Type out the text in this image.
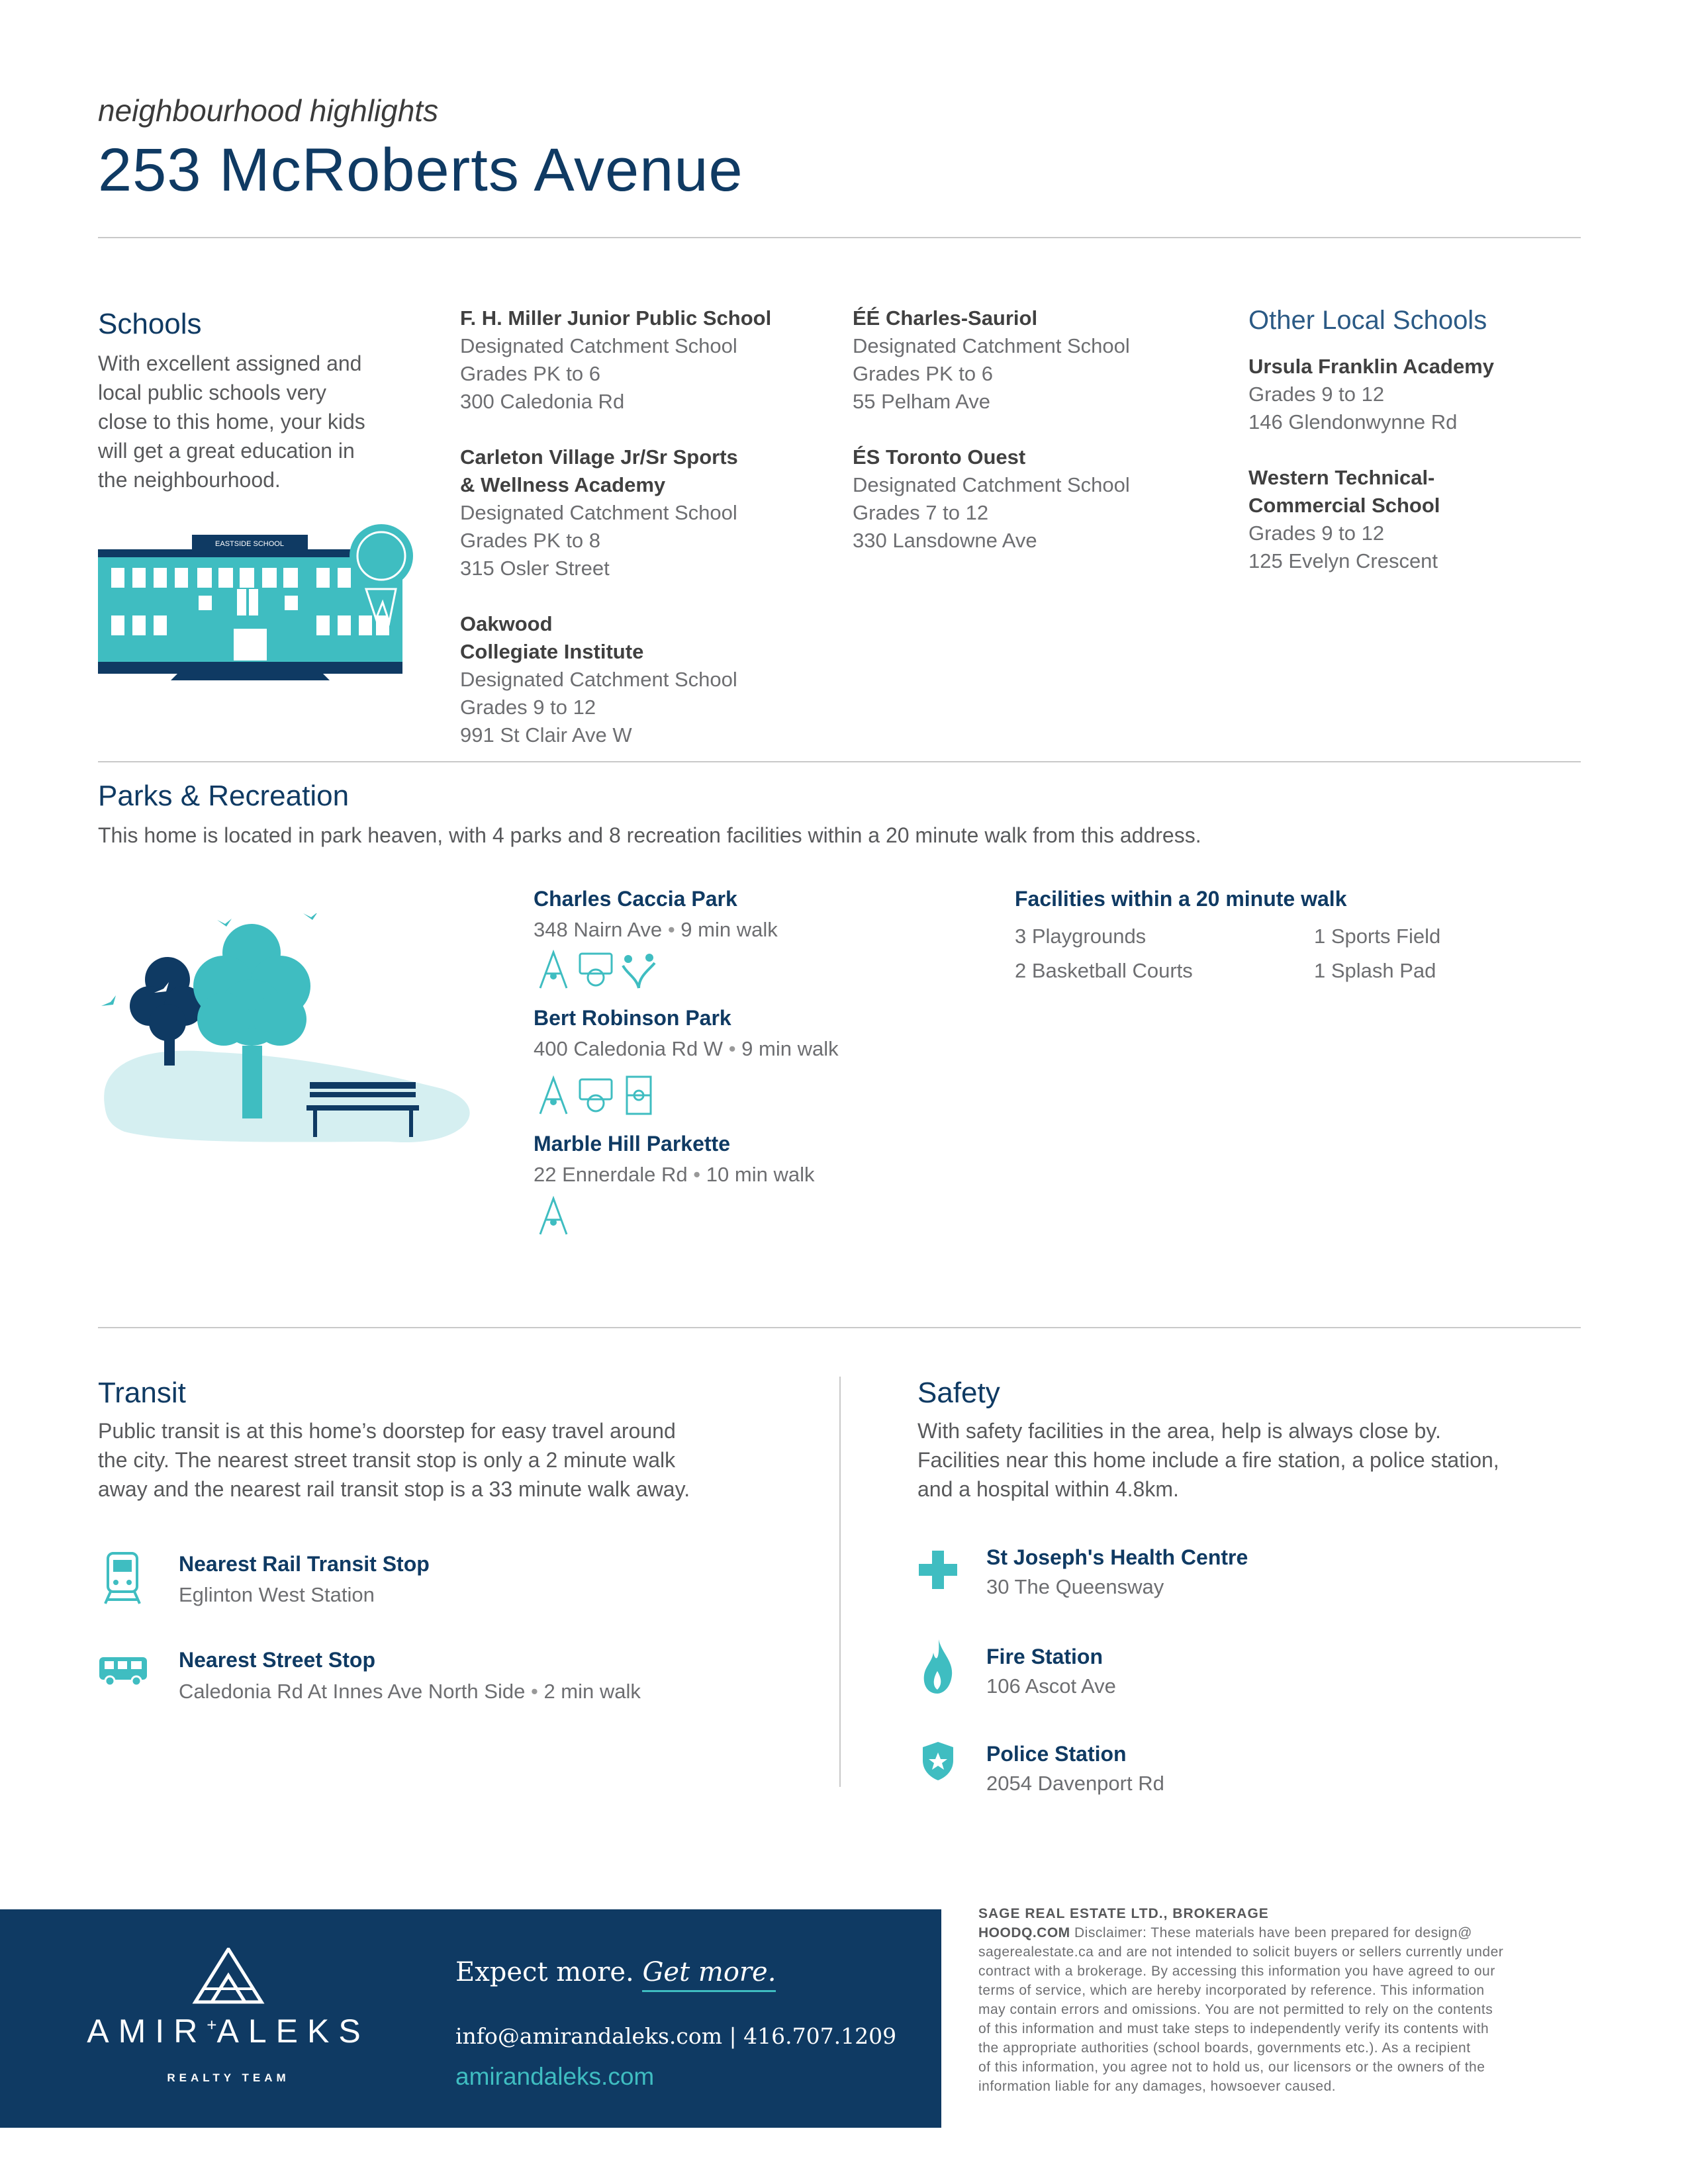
neighbourhood highlights
253 McRoberts Avenue
Schools
With excellent assigned and
local public schools very
close to this home, your kids
will get a great education in
the neighbourhood.
EASTSIDE SCHOOL
F. H. Miller Junior Public School
Designated Catchment School
Grades PK to 6
300 Caledonia Rd
Carleton Village Jr/Sr Sports
& Wellness Academy
Designated Catchment School
Grades PK to 8
315 Osler Street
Oakwood
Collegiate Institute
Designated Catchment School
Grades 9 to 12
991 St Clair Ave W
ÉÉ Charles-Sauriol
Designated Catchment School
Grades PK to 6
55 Pelham Ave
ÉS Toronto Ouest
Designated Catchment School
Grades 7 to 12
330 Lansdowne Ave
Other Local Schools
Ursula Franklin Academy
Grades 9 to 12
146 Glendonwynne Rd
Western Technical-
Commercial School
Grades 9 to 12
125 Evelyn Crescent
Parks & Recreation
This home is located in park heaven, with 4 parks and 8 recreation facilities within a 20 minute walk from this address.
Charles Caccia Park
348 Nairn Ave • 9 min walk

Bert Robinson Park
400 Caledonia Rd W • 9 min walk

Marble Hill Parkette
22 Ennerdale Rd • 10 min walk
Facilities within a 20 minute walk
3 Playgrounds	1 Sports Field
2 Basketball Courts	1 Splash Pad
Transit
Public transit is at this home’s doorstep for easy travel around
the city. The nearest street transit stop is only a 2 minute walk
away and the nearest rail transit stop is a 33 minute walk away.
Nearest Rail Transit Stop
Eglinton West Station
Nearest Street Stop
Caledonia Rd At Innes Ave North Side • 2 min walk
Safety
With safety facilities in the area, help is always close by.
Facilities near this home include a fire station, a police station,
and a hospital within 4.8km.
St Joseph's Health Centre
30 The Queensway
Fire Station
106 Ascot Ave
Police Station
2054 Davenport Rd
AMIR+ALEKS
REALTY TEAM
Expect more. Get more.
info@amirandaleks.com | 416.707.1209
amirandaleks.com
SAGE REAL ESTATE LTD., BROKERAGE
HOODQ.COM Disclaimer: These materials have been prepared for design@
sagerealestate.ca and are not intended to solicit buyers or sellers currently under
contract with a brokerage. By accessing this information you have agreed to our
terms of service, which are hereby incorporated by reference. This information
may contain errors and omissions. You are not permitted to rely on the contents
of this information and must take steps to independently verify its contents with
the appropriate authorities (school boards, governments etc.). As a recipient
of this information, you agree not to hold us, our licensors or the owners of the
information liable for any damages, howsoever caused.
